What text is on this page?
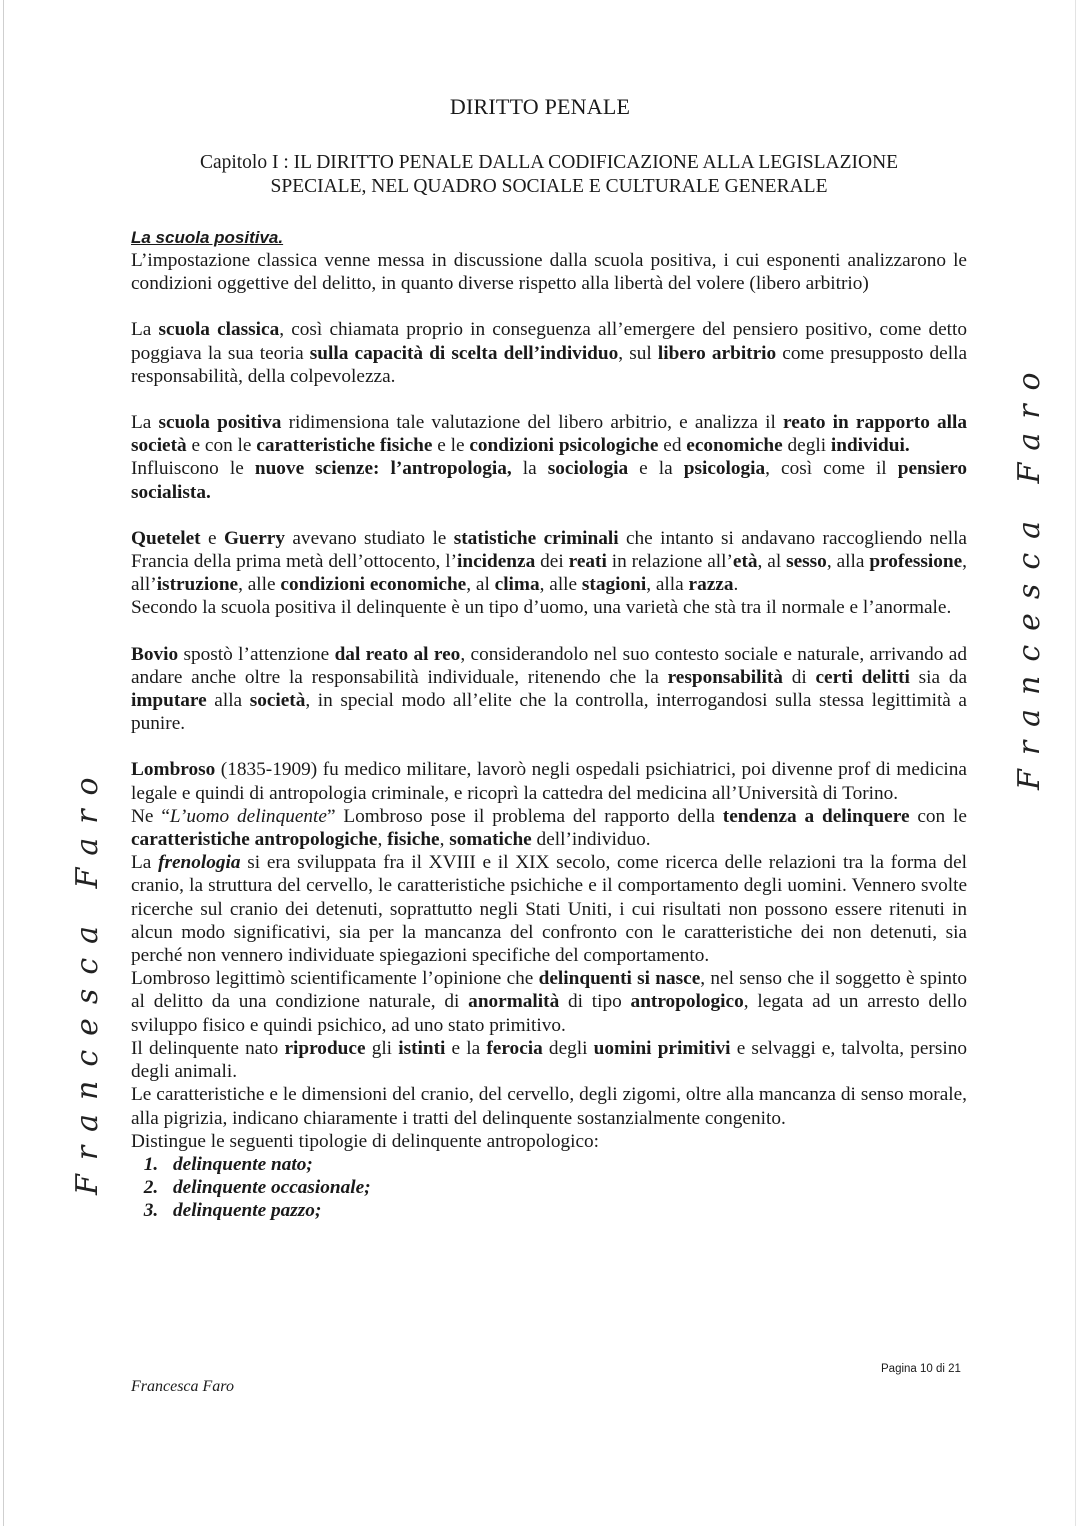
DIRITTO PENALE
Capitolo I : IL DIRITTO PENALE DALLA CODIFICAZIONE ALLA LEGISLAZIONE
SPECIALE, NEL QUADRO SOCIALE E CULTURALE GENERALE
La scuola positiva.

L’impostazione classica venne messa in discussione dalla scuola positiva, i cui esponenti analizzarono le condizioni oggettive del delitto, in quanto diverse rispetto alla libertà del volere (libero arbitrio)

La scuola classica, così chiamata proprio in conseguenza all’emergere del pensiero positivo, come detto poggiava la sua teoria sulla capacità di scelta dell’individuo, sul libero arbitrio come presupposto della responsabilità, della colpevolezza.

La scuola positiva ridimensiona tale valutazione del libero arbitrio, e analizza il reato in rapporto alla società e con le caratteristiche fisiche e le condizioni psicologiche ed economiche degli individui.

Influiscono le nuove scienze: l’antropologia, la sociologia e la psicologia, così come il pensiero socialista.

Quetelet e Guerry avevano studiato le statistiche criminali che intanto si andavano raccogliendo nella Francia della prima metà dell’ottocento, l’incidenza dei reati in relazione all’età, al sesso, alla professione, all’istruzione, alle condizioni economiche, al clima, alle stagioni, alla razza.

Secondo la scuola positiva il delinquente è un tipo d’uomo, una varietà che stà tra il normale e l’anormale.

Bovio spostò l’attenzione dal reato al reo, considerandolo nel suo contesto sociale e naturale, arrivando ad andare anche oltre la responsabilità individuale, ritenendo che la responsabilità di certi delitti sia da imputare alla società, in special modo all’elite che la controlla, interrogandosi sulla stessa legittimità a punire.

Lombroso (1835-1909) fu medico militare, lavorò negli ospedali psichiatrici, poi divenne prof di medicina legale e quindi di antropologia criminale, e ricoprì la cattedra del medicina all’Università di Torino.

Ne “L’uomo delinquente” Lombroso pose il problema del rapporto della tendenza a delinquere con le caratteristiche antropologiche, fisiche, somatiche dell’individuo.

La frenologia si era sviluppata fra il XVIII e il XIX secolo, come ricerca delle relazioni tra la forma del cranio, la struttura del cervello, le caratteristiche psichiche e il comportamento degli uomini. Vennero svolte ricerche sul cranio dei detenuti, soprattutto negli Stati Uniti, i cui risultati non possono essere ritenuti in alcun modo significativi, sia per la mancanza del confronto con le caratteristiche dei non detenuti, sia perché non vennero individuate spiegazioni specifiche del comportamento.

Lombroso legittimò scientificamente l’opinione che delinquenti si nasce, nel senso che il soggetto è spinto al delitto da una condizione naturale, di anormalità di tipo antropologico, legata ad un arresto dello sviluppo fisico e quindi psichico, ad uno stato primitivo.

Il delinquente nato riproduce gli istinti e la ferocia degli uomini primitivi e selvaggi e, talvolta, persino degli animali.

Le caratteristiche e le dimensioni del cranio, del cervello, degli zigomi, oltre alla mancanza di senso morale, alla pigrizia, indicano chiaramente i tratti del delinquente sostanzialmente congenito.

Distingue le seguenti tipologie di delinquente antropologico:

1. delinquente nato;
2. delinquente occasionale;
3. delinquente pazzo;
Francesca Faro
Francesca Faro
Pagina 10 di 21
Francesca Faro
